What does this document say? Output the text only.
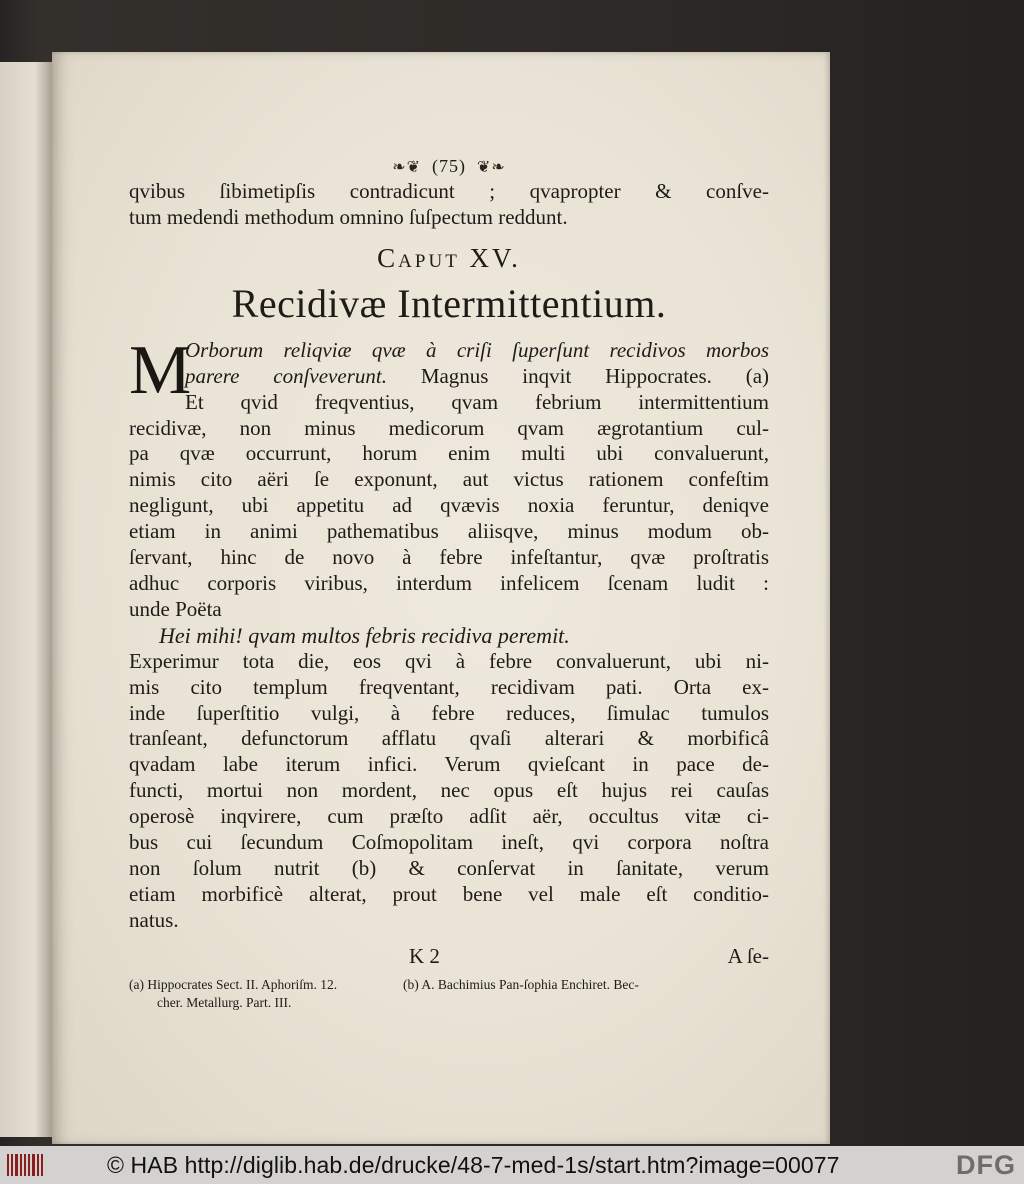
❧❦ (75) ❦❧
qvibus ſibimetipſis contradicunt ; qvapropter & conſve-
tum medendi methodum omnino ſuſpectum reddunt.
Caput XV.
Recidivæ Intermittentium.
M
Orborum reliqviæ qvæ à criſi ſuperſunt recidivos morbos
parere conſveverunt. Magnus inqvit Hippocrates. (a)
Et qvid freqventius, qvam febrium intermittentium
recidivæ, non minus medicorum qvam ægrotantium cul-
pa qvæ occurrunt, horum enim multi ubi convaluerunt,
nimis cito aëri ſe exponunt, aut victus rationem confeſtim
negligunt, ubi appetitu ad qvævis noxia feruntur, deniqve
etiam in animi pathematibus aliisqve, minus modum ob-
ſervant, hinc de novo à febre infeſtantur, qvæ proſtratis
adhuc corporis viribus, interdum infelicem ſcenam ludit :
unde Poëta
Hei mihi! qvam multos febris recidiva peremit.
Experimur tota die, eos qvi à febre convaluerunt, ubi ni-
mis cito templum freqventant, recidivam pati. Orta ex-
inde ſuperſtitio vulgi, à febre reduces, ſimulac tumulos
tranſeant, defunctorum afflatu qvaſi alterari & morbificâ
qvadam labe iterum infici. Verum qvieſcant in pace de-
functi, mortui non mordent, nec opus eſt hujus rei cauſas
operosè inqvirere, cum præſto adſit aër, occultus vitæ ci-
bus cui ſecundum Coſmopolitam ineſt, qvi corpora noſtra
non ſolum nutrit (b) & conſervat in ſanitate, verum
etiam morbificè alterat, prout bene vel male eſt conditio-
natus.
K 2	A ſe-
(a) Hippocrates Sect. II. Aphoriſm. 12.
cher. Metallurg. Part. III.
(b) A. Bachimius Pan-ſophia Enchiret. Bec-
© HAB http://diglib.hab.de/drucke/48-7-med-1s/start.htm?image=00077	DFG
